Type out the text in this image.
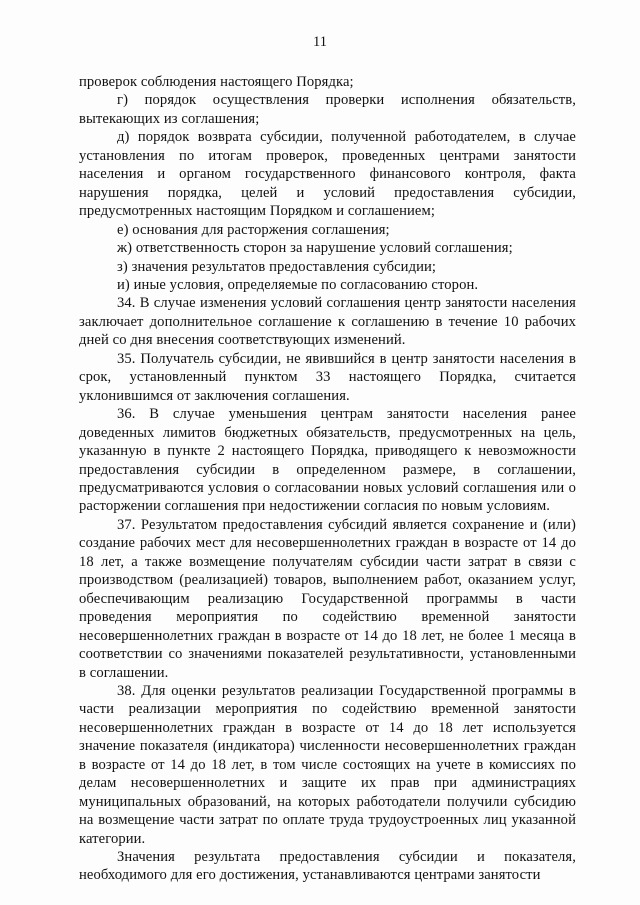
11

проверок соблюдения настоящего Порядка;

г) порядок осуществления проверки исполнения обязательств, вытекающих из соглашения;

д) порядок возврата субсидии, полученной работодателем, в случае установления по итогам проверок, проведенных центрами занятости населения и органом государственного финансового контроля, факта нарушения порядка, целей и условий предоставления субсидии, предусмотренных настоящим Порядком и соглашением;

е) основания для расторжения соглашения;

ж) ответственность сторон за нарушение условий соглашения;

з) значения результатов предоставления субсидии;

и) иные условия, определяемые по согласованию сторон.

34. В случае изменения условий соглашения центр занятости населения заключает дополнительное соглашение к соглашению в течение 10 рабочих дней со дня внесения соответствующих изменений.

35. Получатель субсидии, не явившийся в центр занятости населения в срок, установленный пунктом 33 настоящего Порядка, считается уклонившимся от заключения соглашения.

36. В случае уменьшения центрам занятости населения ранее доведенных лимитов бюджетных обязательств, предусмотренных на цель, указанную в пункте 2 настоящего Порядка, приводящего к невозможности предоставления субсидии в определенном размере, в соглашении, предусматриваются условия о согласовании новых условий соглашения или о расторжении соглашения при недостижении согласия по новым условиям.

37. Результатом предоставления субсидий является сохранение и (или) создание рабочих мест для несовершеннолетних граждан в возрасте от 14 до 18 лет, а также возмещение получателям субсидии части затрат в связи с производством (реализацией) товаров, выполнением работ, оказанием услуг, обеспечивающим реализацию Государственной программы в части проведения мероприятия по содействию временной занятости несовершеннолетних граждан в возрасте от 14 до 18 лет, не более 1 месяца в соответствии со значениями показателей результативности, установленными в соглашении.

38. Для оценки результатов реализации Государственной программы в части реализации мероприятия по содействию временной занятости несовершеннолетних граждан в возрасте от 14 до 18 лет используется значение показателя (индикатора) численности несовершеннолетних граждан в возрасте от 14 до 18 лет, в том числе состоящих на учете в комиссиях по делам несовершеннолетних и защите их прав при администрациях муниципальных образований, на которых работодатели получили субсидию на возмещение части затрат по оплате труда трудоустроенных лиц указанной категории.

Значения результата предоставления субсидии и показателя, необходимого для его достижения, устанавливаются центрами занятости
